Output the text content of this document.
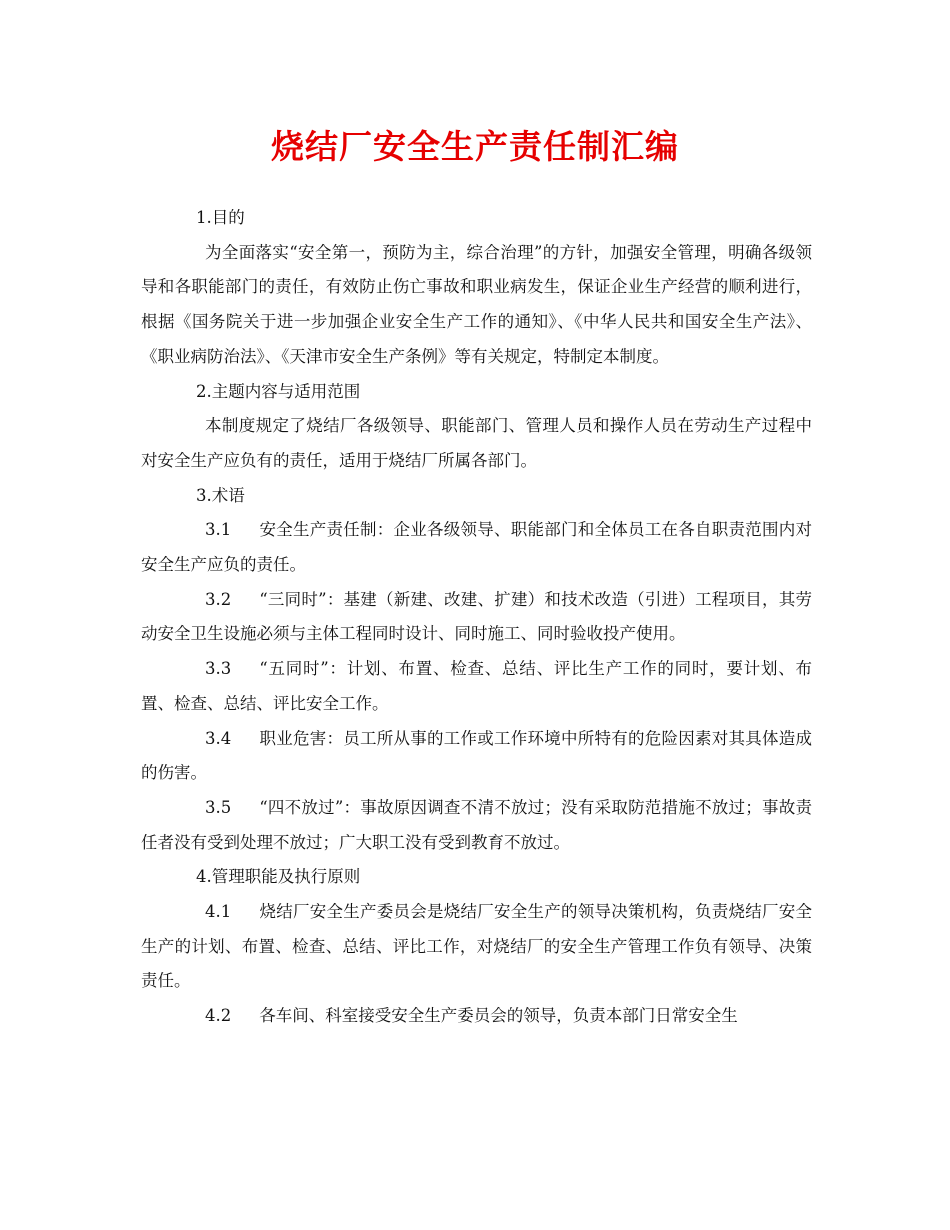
烧结厂安全生产责任制汇编

1.目的

为全面落实“安全第一，预防为主，综合治理”的方针，加强安全管理，明确各级领导和各职能部门的责任，有效防止伤亡事故和职业病发生，保证企业生产经营的顺利进行，根据《国务院关于进一步加强企业安全生产工作的通知》、《中华人民共和国安全生产法》、《职业病防治法》、《天津市安全生产条例》等有关规定，特制定本制度。

2.主题内容与适用范围

本制度规定了烧结厂各级领导、职能部门、管理人员和操作人员在劳动生产过程中对安全生产应负有的责任，适用于烧结厂所属各部门。

3.术语

3.1 安全生产责任制：企业各级领导、职能部门和全体员工在各自职责范围内对安全生产应负的责任。

3.2 “三同时”：基建（新建、改建、扩建）和技术改造（引进）工程项目，其劳动安全卫生设施必须与主体工程同时设计、同时施工、同时验收投产使用。

3.3 “五同时”：计划、布置、检查、总结、评比生产工作的同时，要计划、布置、检查、总结、评比安全工作。

3.4 职业危害：员工所从事的工作或工作环境中所特有的危险因素对其具体造成的伤害。

3.5 “四不放过”：事故原因调查不清不放过；没有采取防范措施不放过；事故责任者没有受到处理不放过；广大职工没有受到教育不放过。

4.管理职能及执行原则

4.1 烧结厂安全生产委员会是烧结厂安全生产的领导决策机构，负责烧结厂安全生产的计划、布置、检查、总结、评比工作，对烧结厂的安全生产管理工作负有领导、决策责任。

4.2 各车间、科室接受安全生产委员会的领导，负责本部门日常安全生
